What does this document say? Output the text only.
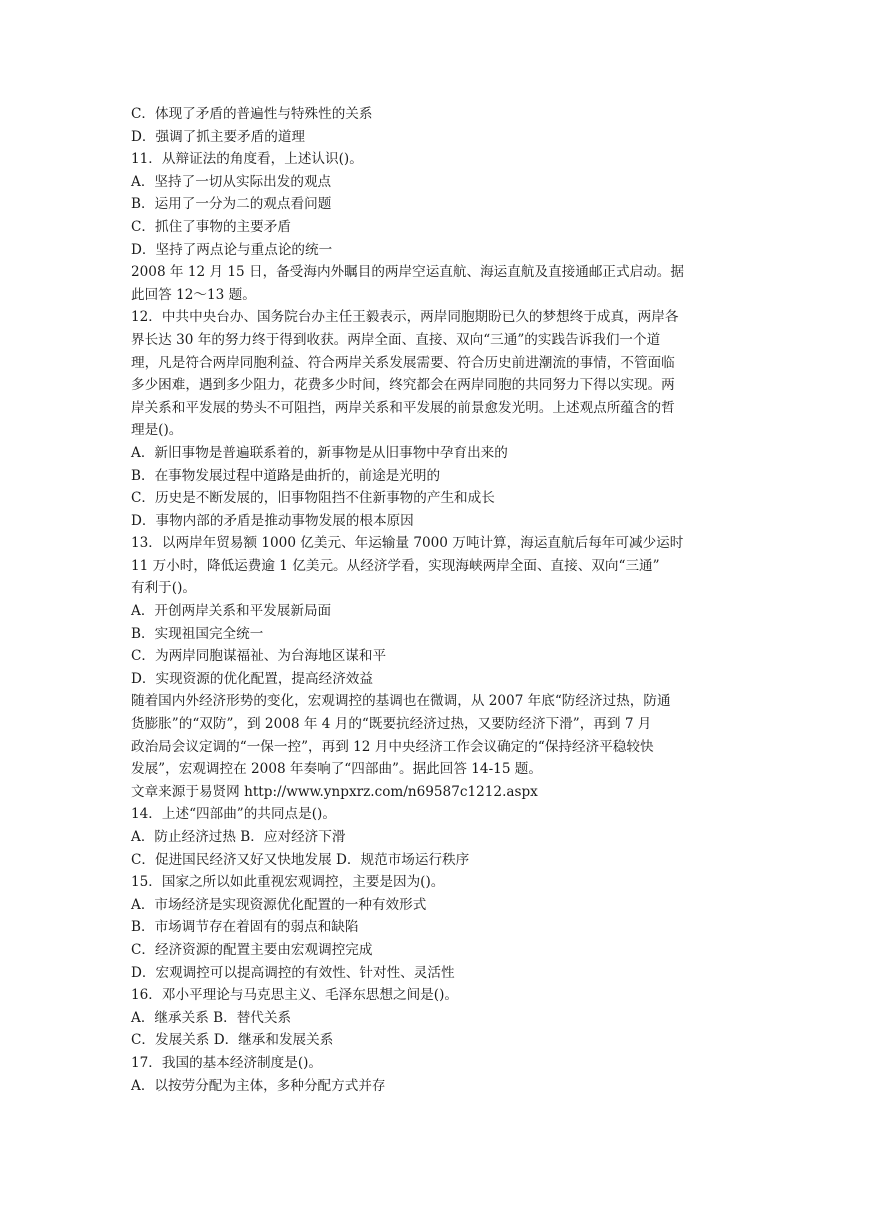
C．体现了矛盾的普遍性与特殊性的关系
D．强调了抓主要矛盾的道理
11．从辩证法的角度看，上述认识()。
A．坚持了一切从实际出发的观点
B．运用了一分为二的观点看问题
C．抓住了事物的主要矛盾
D．坚持了两点论与重点论的统一
2008 年 12 月 15 日，备受海内外瞩目的两岸空运直航、海运直航及直接通邮正式启动。据
此回答 12～13 题。
12．中共中央台办、国务院台办主任王毅表示，两岸同胞期盼已久的梦想终于成真，两岸各
界长达 30 年的努力终于得到收获。两岸全面、直接、双向“三通”的实践告诉我们一个道
理，凡是符合两岸同胞利益、符合两岸关系发展需要、符合历史前进潮流的事情，不管面临
多少困难，遇到多少阻力，花费多少时间，终究都会在两岸同胞的共同努力下得以实现。两
岸关系和平发展的势头不可阻挡，两岸关系和平发展的前景愈发光明。上述观点所蕴含的哲
理是()。
A．新旧事物是普遍联系着的，新事物是从旧事物中孕育出来的
B．在事物发展过程中道路是曲折的，前途是光明的
C．历史是不断发展的，旧事物阻挡不住新事物的产生和成长
D．事物内部的矛盾是推动事物发展的根本原因
13．以两岸年贸易额 1000 亿美元、年运输量 7000 万吨计算，海运直航后每年可减少运时
11 万小时，降低运费逾 1 亿美元。从经济学看，实现海峡两岸全面、直接、双向“三通”
有利于()。
A．开创两岸关系和平发展新局面
B．实现祖国完全统一
C．为两岸同胞谋福祉、为台海地区谋和平
D．实现资源的优化配置，提高经济效益
随着国内外经济形势的变化，宏观调控的基调也在微调，从 2007 年底“防经济过热，防通
货膨胀”的“双防”，到 2008 年 4 月的“既要抗经济过热，又要防经济下滑”，再到 7 月
政治局会议定调的“一保一控”，再到 12 月中央经济工作会议确定的“保持经济平稳较快
发展”，宏观调控在 2008 年奏响了“四部曲”。据此回答 14-15 题。
文章来源于易贤网 http://www.ynpxrz.com/n69587c1212.aspx
14．上述“四部曲”的共同点是()。
A．防止经济过热 B．应对经济下滑
C．促进国民经济又好又快地发展 D．规范市场运行秩序
15．国家之所以如此重视宏观调控，主要是因为()。
A．市场经济是实现资源优化配置的一种有效形式
B．市场调节存在着固有的弱点和缺陷
C．经济资源的配置主要由宏观调控完成
D．宏观调控可以提高调控的有效性、针对性、灵活性
16．邓小平理论与马克思主义、毛泽东思想之间是()。
A．继承关系 B．替代关系
C．发展关系 D．继承和发展关系
17．我国的基本经济制度是()。
A．以按劳分配为主体，多种分配方式并存
